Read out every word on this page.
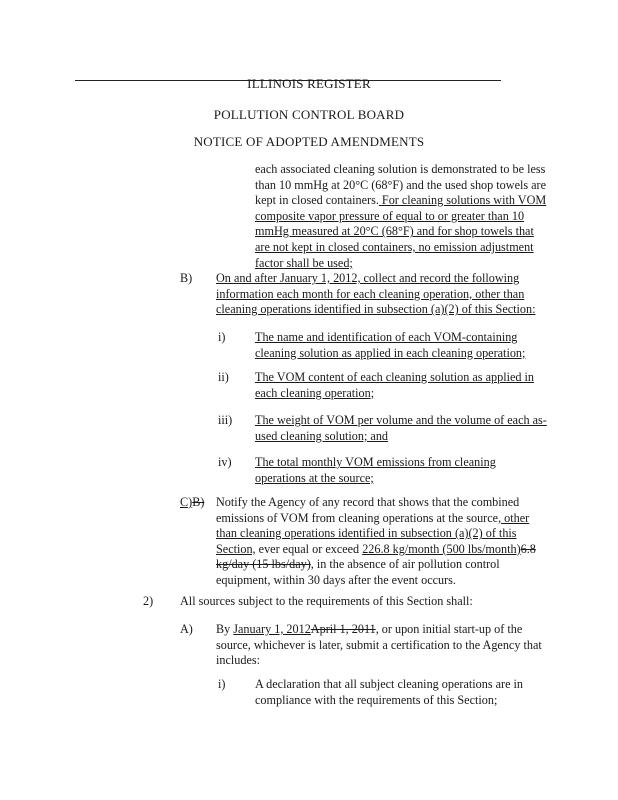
ILLINOIS REGISTER
POLLUTION CONTROL BOARD
NOTICE OF ADOPTED AMENDMENTS
each associated cleaning solution is demonstrated to be less than 10 mmHg at 20°C (68°F) and the used shop towels are kept in closed containers. For cleaning solutions with VOM composite vapor pressure of equal to or greater than 10 mmHg measured at 20°C (68°F) and for shop towels that are not kept in closed containers, no emission adjustment factor shall be used;
B) On and after January 1, 2012, collect and record the following information each month for each cleaning operation, other than cleaning operations identified in subsection (a)(2) of this Section:
i) The name and identification of each VOM-containing cleaning solution as applied in each cleaning operation;
ii) The VOM content of each cleaning solution as applied in each cleaning operation;
iii) The weight of VOM per volume and the volume of each as-used cleaning solution; and
iv) The total monthly VOM emissions from cleaning operations at the source;
C)B) Notify the Agency of any record that shows that the combined emissions of VOM from cleaning operations at the source, other than cleaning operations identified in subsection (a)(2) of this Section, ever equal or exceed 226.8 kg/month (500 lbs/month)6.8 kg/day (15 lbs/day), in the absence of air pollution control equipment, within 30 days after the event occurs.
2) All sources subject to the requirements of this Section shall:
A) By January 1, 2012April 1, 2011, or upon initial start-up of the source, whichever is later, submit a certification to the Agency that includes:
i) A declaration that all subject cleaning operations are in compliance with the requirements of this Section;
